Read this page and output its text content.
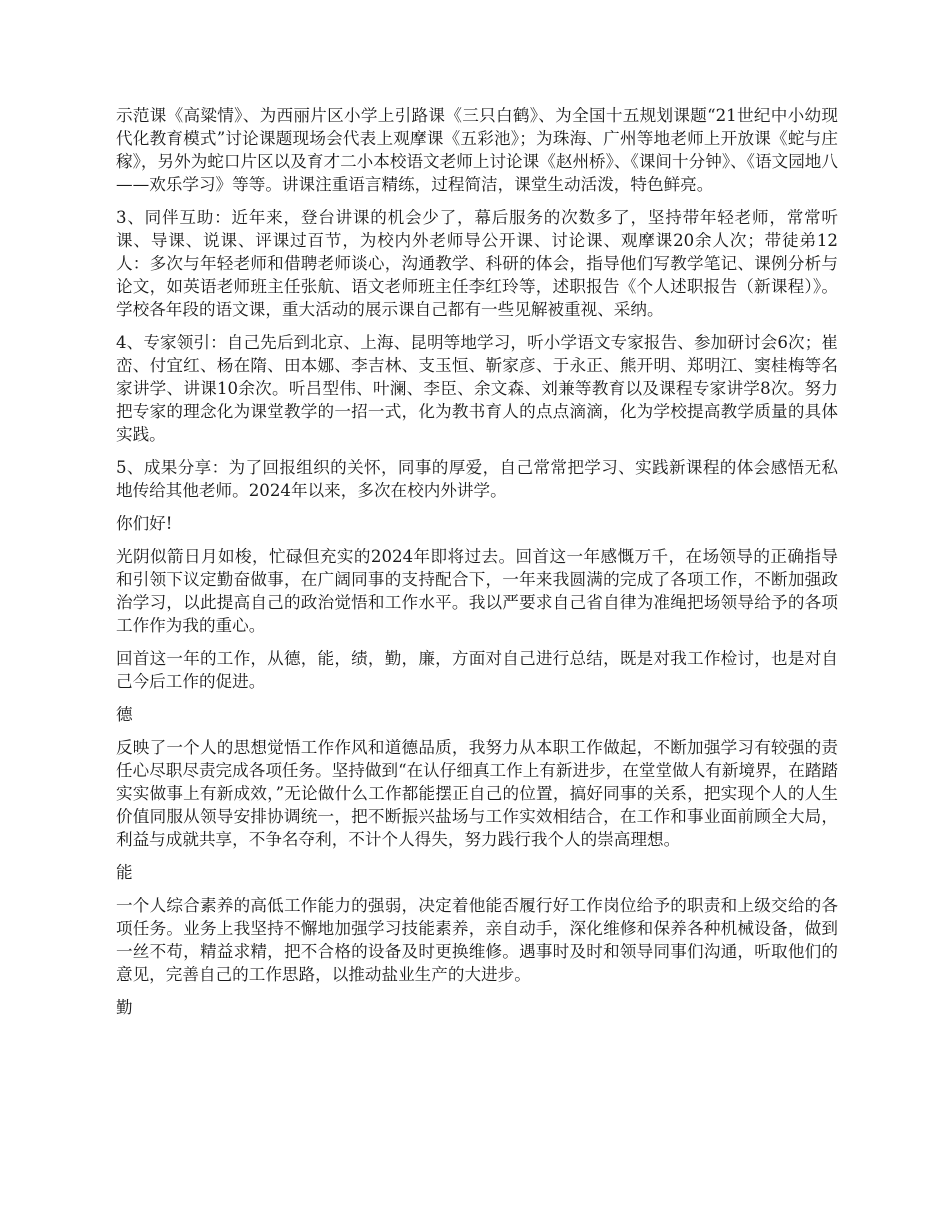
示范课《高粱情》、为西丽片区小学上引路课《三只白鹤》、为全国十五规划课题“21世纪中小幼现代化教育模式”讨论课题现场会代表上观摩课《五彩池》；为珠海、广州等地老师上开放课《蛇与庄稼》，另外为蛇口片区以及育才二小本校语文老师上讨论课《赵州桥》、《课间十分钟》、《语文园地八——欢乐学习》等等。讲课注重语言精练，过程简洁，课堂生动活泼，特色鲜亮。

3、同伴互助：近年来，登台讲课的机会少了，幕后服务的次数多了，坚持带年轻老师，常常听课、导课、说课、评课过百节，为校内外老师导公开课、讨论课、观摩课20余人次；带徒弟12人：多次与年轻老师和借聘老师谈心，沟通教学、科研的体会，指导他们写教学笔记、课例分析与论文，如英语老师班主任张航、语文老师班主任李红玲等，述职报告《个人述职报告（新课程）》。学校各年段的语文课，重大活动的展示课自己都有一些见解被重视、采纳。

4、专家领引：自己先后到北京、上海、昆明等地学习，听小学语文专家报告、参加研讨会6次；崔峦、付宜红、杨在隋、田本娜、李吉林、支玉恒、靳家彦、于永正、熊开明、郑明江、窦桂梅等名家讲学、讲课10余次。听吕型伟、叶澜、李臣、余文森、刘兼等教育以及课程专家讲学8次。努力把专家的理念化为课堂教学的一招一式，化为教书育人的点点滴滴，化为学校提高教学质量的具体实践。

5、成果分享：为了回报组织的关怀，同事的厚爱，自己常常把学习、实践新课程的体会感悟无私地传给其他老师。2024年以来，多次在校内外讲学。

你们好!

光阴似箭日月如梭，忙碌但充实的2024年即将过去。回首这一年感慨万千，在场领导的正确指导和引领下议定勤奋做事，在广阔同事的支持配合下，一年来我圆满的完成了各项工作，不断加强政治学习，以此提高自己的政治觉悟和工作水平。我以严要求自己省自律为准绳把场领导给予的各项工作作为我的重心。

回首这一年的工作，从德，能，绩，勤，廉，方面对自己进行总结，既是对我工作检讨，也是对自己今后工作的促进。

德

反映了一个人的思想觉悟工作作风和道德品质，我努力从本职工作做起，不断加强学习有较强的责任心尽职尽责完成各项任务。坚持做到“在认仔细真工作上有新进步，在堂堂做人有新境界，在踏踏实实做事上有新成效，”无论做什么工作都能摆正自己的位置，搞好同事的关系，把实现个人的人生价值同服从领导安排协调统一，把不断振兴盐场与工作实效相结合，在工作和事业面前顾全大局，利益与成就共享，不争名夺利，不计个人得失，努力践行我个人的崇高理想。

能

一个人综合素养的高低工作能力的强弱，决定着他能否履行好工作岗位给予的职责和上级交给的各项任务。业务上我坚持不懈地加强学习技能素养，亲自动手，深化维修和保养各种机械设备，做到一丝不苟，精益求精，把不合格的设备及时更换维修。遇事时及时和领导同事们沟通，听取他们的意见，完善自己的工作思路，以推动盐业生产的大进步。

勤
